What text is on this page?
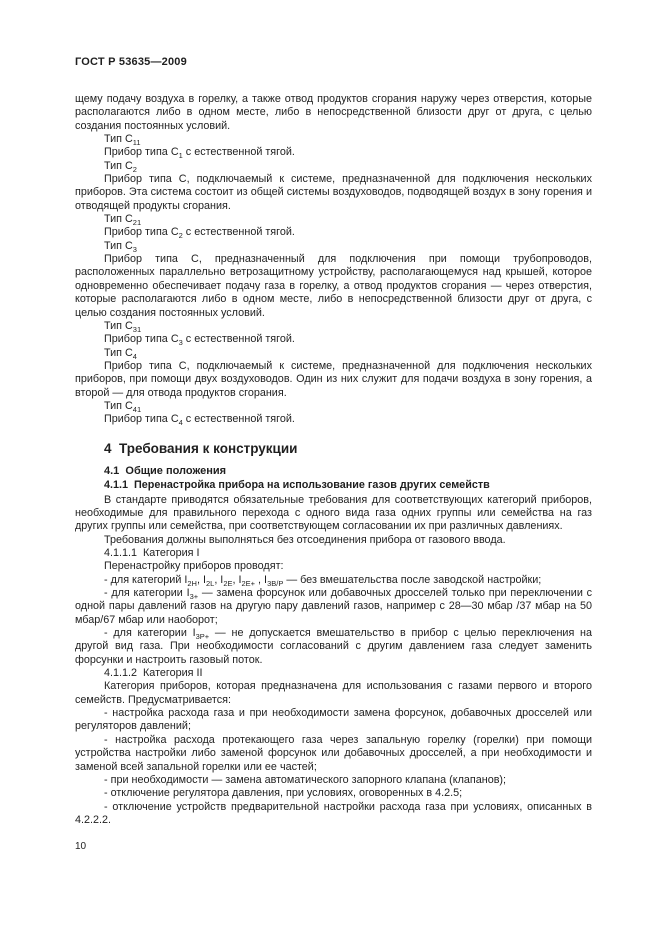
ГОСТ Р 53635—2009

щему подачу воздуха в горелку, а также отвод продуктов сгорания наружу через отверстия, которые располагаются либо в одном месте, либо в непосредственной близости друг от друга, с целью создания постоянных условий.

Тип $С_{11}$

Прибор типа $С_1$ с естественной тягой.

Тип $С_2$

Прибор типа С, подключаемый к системе, предназначенной для подключения нескольких приборов. Эта система состоит из общей системы воздуховодов, подводящей воздух в зону горения и отводящей продукты сгорания.

Тип $С_{21}$

Прибор типа $С_2$ с естественной тягой.

Тип $С_3$

Прибор типа С, предназначенный для подключения при помощи трубопроводов, расположенных параллельно ветрозащитному устройству, располагающемуся над крышей, которое одновременно обеспечивает подачу газа в горелку, а отвод продуктов сгорания — через отверстия, которые располагаются либо в одном месте, либо в непосредственной близости друг от друга, с целью создания постоянных условий.

Тип $С_{31}$

Прибор типа $С_3$ с естественной тягой.

Тип $С_4$

Прибор типа С, подключаемый к системе, предназначенной для подключения нескольких приборов, при помощи двух воздуховодов. Один из них служит для подачи воздуха в зону горения, а второй — для отвода продуктов сгорания.

Тип $С_{41}$

Прибор типа $С_4$ с естественной тягой.

4  Требования к конструкции

4.1  Общие положения

4.1.1  Перенастройка прибора на использование газов других семейств

В стандарте приводятся обязательные требования для соответствующих категорий приборов, необходимые для правильного перехода с одного вида газа одних группы или семейства на газ других группы или семейства, при соответствующем согласовании их при различных давлениях.

Требования должны выполняться без отсоединения прибора от газового ввода.

4.1.1.1  Категория I

Перенастройку приборов проводят:

- для категорий $I_{2H}$, $I_{2L}$, $I_{2E}$, $I_{2E+}$ , $I_{3B/P}$ — без вмешательства после заводской настройки;

- для категории $I_{3+}$ — замена форсунок или добавочных дросселей только при переключении с одной пары давлений газов на другую пару давлений газов, например с 28—30 мбар /37 мбар на 50 мбар/67 мбар или наоборот;

- для категории $I_{3P+}$ — не допускается вмешательство в прибор с целью переключения на другой вид газа. При необходимости согласований с другим давлением газа следует заменить форсунки и настроить газовый поток.

4.1.1.2  Категория II

Категория приборов, которая предназначена для использования с газами первого и второго семейств. Предусматривается:

- настройка расхода газа и при необходимости замена форсунок, добавочных дросселей или регуляторов давлений;

- настройка расхода протекающего газа через запальную горелку (горелки) при помощи устройства настройки либо заменой форсунок или добавочных дросселей, а при необходимости и заменой всей запальной горелки или ее частей;

- при необходимости — замена автоматического запорного клапана (клапанов);

- отключение регулятора давления, при условиях, оговоренных в 4.2.5;

- отключение устройств предварительной настройки расхода газа при условиях, описанных в 4.2.2.2.

10
